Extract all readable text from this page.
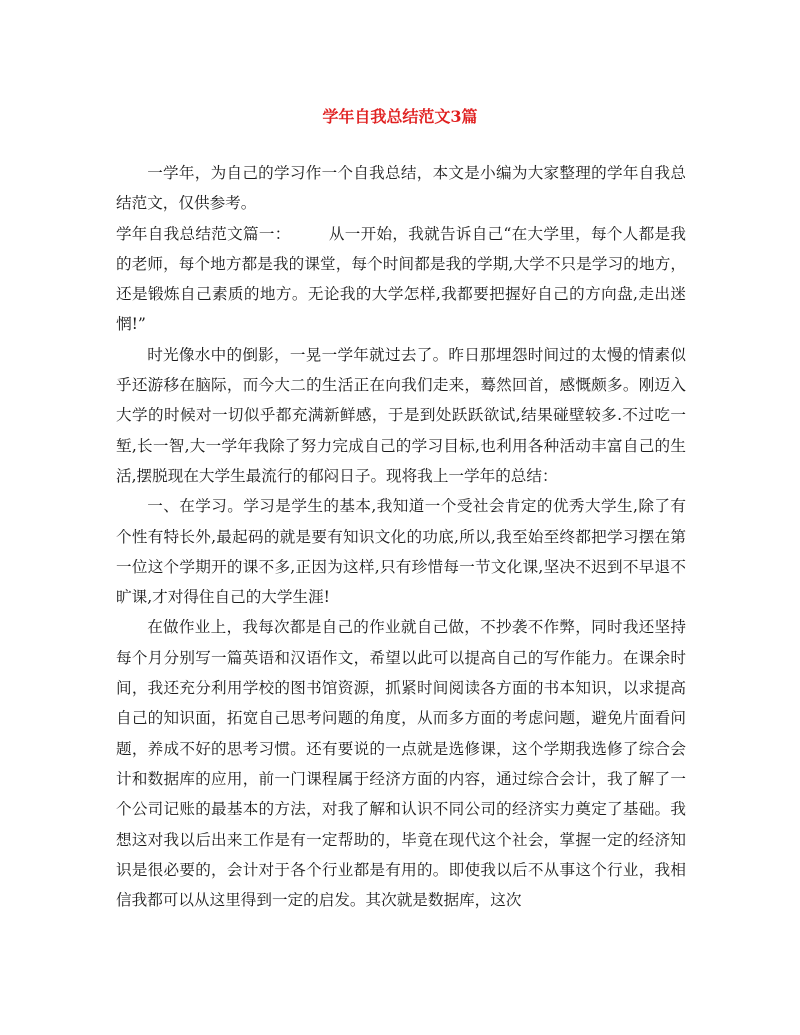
学年自我总结范文3篇

一学年，为自己的学习作一个自我总结，本文是小编为大家整理的学年自我总结范文，仅供参考。

学年自我总结范文篇一： 从一开始，我就告诉自己“在大学里，每个人都是我的老师，每个地方都是我的课堂，每个时间都是我的学期,大学不只是学习的地方，还是锻炼自己素质的地方。无论我的大学怎样,我都要把握好自己的方向盘,走出迷惘!”

时光像水中的倒影，一晃一学年就过去了。昨日那埋怨时间过的太慢的情素似乎还游移在脑际，而今大二的生活正在向我们走来，蓦然回首，感慨颇多。刚迈入大学的时候对一切似乎都充满新鲜感，于是到处跃跃欲试,结果碰壁较多.不过吃一堑,长一智,大一学年我除了努力完成自己的学习目标,也利用各种活动丰富自己的生活,摆脱现在大学生最流行的郁闷日子。现将我上一学年的总结：

一、在学习。学习是学生的基本,我知道一个受社会肯定的优秀大学生,除了有个性有特长外,最起码的就是要有知识文化的功底,所以,我至始至终都把学习摆在第一位这个学期开的课不多,正因为这样,只有珍惜每一节文化课,坚决不迟到不早退不旷课,才对得住自己的大学生涯!

在做作业上，我每次都是自己的作业就自己做，不抄袭不作弊，同时我还坚持每个月分别写一篇英语和汉语作文，希望以此可以提高自己的写作能力。在课余时间，我还充分利用学校的图书馆资源，抓紧时间阅读各方面的书本知识，以求提高自己的知识面，拓宽自己思考问题的角度，从而多方面的考虑问题，避免片面看问题，养成不好的思考习惯。还有要说的一点就是选修课，这个学期我选修了综合会计和数据库的应用，前一门课程属于经济方面的内容，通过综合会计，我了解了一个公司记账的最基本的方法，对我了解和认识不同公司的经济实力奠定了基础。我想这对我以后出来工作是有一定帮助的，毕竟在现代这个社会，掌握一定的经济知识是很必要的，会计对于各个行业都是有用的。即使我以后不从事这个行业，我相信我都可以从这里得到一定的启发。其次就是数据库，这次
